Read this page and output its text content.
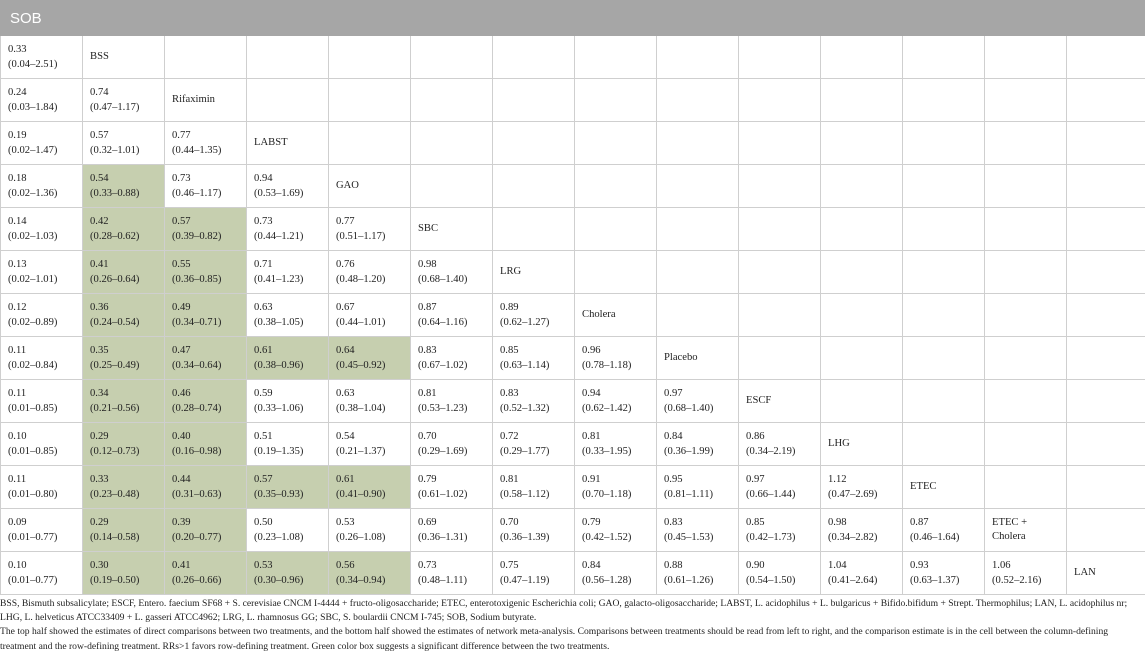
SOB													

0.33
(0.04–2.51)	BSS												

0.24
(0.03–1.84)	0.74
(0.47–1.17)	Rifaximin											

0.19
(0.02–1.47)	0.57
(0.32–1.01)	0.77
(0.44–1.35)	LABST										

0.18
(0.02–1.36)	0.54
(0.33–0.88)	0.73
(0.46–1.17)	0.94
(0.53–1.69)	GAO									

0.14
(0.02–1.03)	0.42
(0.28–0.62)	0.57
(0.39–0.82)	0.73
(0.44–1.21)	0.77
(0.51–1.17)	SBC								

0.13
(0.02–1.01)	0.41
(0.26–0.64)	0.55
(0.36–0.85)	0.71
(0.41–1.23)	0.76
(0.48–1.20)	0.98
(0.68–1.40)	LRG							

0.12
(0.02–0.89)	0.36
(0.24–0.54)	0.49
(0.34–0.71)	0.63
(0.38–1.05)	0.67
(0.44–1.01)	0.87
(0.64–1.16)	0.89
(0.62–1.27)	Cholera						

0.11
(0.02–0.84)	0.35
(0.25–0.49)	0.47
(0.34–0.64)	0.61
(0.38–0.96)	0.64
(0.45–0.92)	0.83
(0.67–1.02)	0.85
(0.63–1.14)	0.96
(0.78–1.18)	Placebo					

0.11
(0.01–0.85)	0.34
(0.21–0.56)	0.46
(0.28–0.74)	0.59
(0.33–1.06)	0.63
(0.38–1.04)	0.81
(0.53–1.23)	0.83
(0.52–1.32)	0.94
(0.62–1.42)	0.97
(0.68–1.40)	ESCF				

0.10
(0.01–0.85)	0.29
(0.12–0.73)	0.40
(0.16–0.98)	0.51
(0.19–1.35)	0.54
(0.21–1.37)	0.70
(0.29–1.69)	0.72
(0.29–1.77)	0.81
(0.33–1.95)	0.84
(0.36–1.99)	0.86
(0.34–2.19)	LHG			

0.11
(0.01–0.80)	0.33
(0.23–0.48)	0.44
(0.31–0.63)	0.57
(0.35–0.93)	0.61
(0.41–0.90)	0.79
(0.61–1.02)	0.81
(0.58–1.12)	0.91
(0.70–1.18)	0.95
(0.81–1.11)	0.97
(0.66–1.44)	1.12
(0.47–2.69)	ETEC		

0.09
(0.01–0.77)	0.29
(0.14–0.58)	0.39
(0.20–0.77)	0.50
(0.23–1.08)	0.53
(0.26–1.08)	0.69
(0.36–1.31)	0.70
(0.36–1.39)	0.79
(0.42–1.52)	0.83
(0.45–1.53)	0.85
(0.42–1.73)	0.98
(0.34–2.82)	0.87
(0.46–1.64)	ETEC +
Cholera	

0.10
(0.01–0.77)	0.30
(0.19–0.50)	0.41
(0.26–0.66)	0.53
(0.30–0.96)	0.56
(0.34–0.94)	0.73
(0.48–1.11)	0.75
(0.47–1.19)	0.84
(0.56–1.28)	0.88
(0.61–1.26)	0.90
(0.54–1.50)	1.04
(0.41–2.64)	0.93
(0.63–1.37)	1.06
(0.52–2.16)	LAN

BSS, Bismuth subsalicylate; ESCF, Entero. faecium SF68 + S. cerevisiae CNCM I-4444 + fructo-oligosaccharide; ETEC, enterotoxigenic Escherichia coli; GAO, galacto-oligosaccharide; LABST, L. acidophilus + L. bulgaricus + Bifido.bifidum + Strept. Thermophilus; LAN, L. acidophilus nr; LHG, L. helveticus ATCC33409 + L. gasseri ATCC4962; LRG, L. rhamnosus GG; SBC, S. boulardii CNCM I-745; SOB, Sodium butyrate.

The top half showed the estimates of direct comparisons between two treatments, and the bottom half showed the estimates of network meta-analysis. Comparisons between treatments should be read from left to right, and the comparison estimate is in the cell between the column-defining treatment and the row-defining treatment. RRs>1 favors row-defining treatment. Green color box suggests a significant difference between the two treatments.
